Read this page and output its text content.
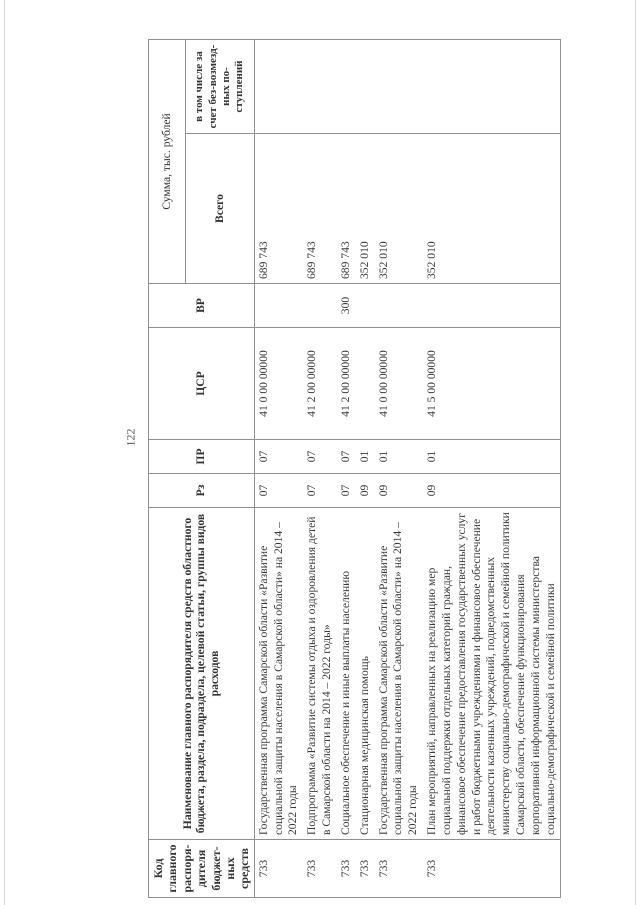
122
Код главного распоря-дителя бюджет-ных средств	Наименование главного распорядителя средств областного бюджета, раздела, подраздела, целевой статьи, группы видов расходов	Рз	ПР	ЦСР	ВР	Сумма, тыс. рублей	
						Всего	в том числе за счет без-возмезд-ных по-ступлений
733	Государственная программа Самарской области «Развитие социальной защиты населения в Самарской области» на 2014 – 2022 годы	07	07	41 0 00 00000		689 743	
733	Подпрограмма «Развитие системы отдыха и оздоровления детей в Самарской области на 2014 – 2022 годы»	07	07	41 2 00 00000		689 743	
733	Социальное обеспечение и иные выплаты населению	07	07	41 2 00 00000	300	689 743	
733	Стационарная медицинская помощь	09	01			352 010	
733	Государственная программа Самарской области «Развитие социальной защиты населения в Самарской области» на 2014 – 2022 годы	09	01	41 0 00 00000		352 010	
733	План мероприятий, направленных на реализацию мер социальной поддержки отдельных категорий граждан, финансовое обеспечение предоставления государственных услуг и работ бюджетными учреждениями и финансовое обеспечение деятельности казенных учреждений, подведомственных министерству социально-демографической и семейной политики Самарской области, обеспечение функционирования корпоративной информационной системы министерства социально-демографической и семейной политики	09	01	41 5 00 00000		352 010	
